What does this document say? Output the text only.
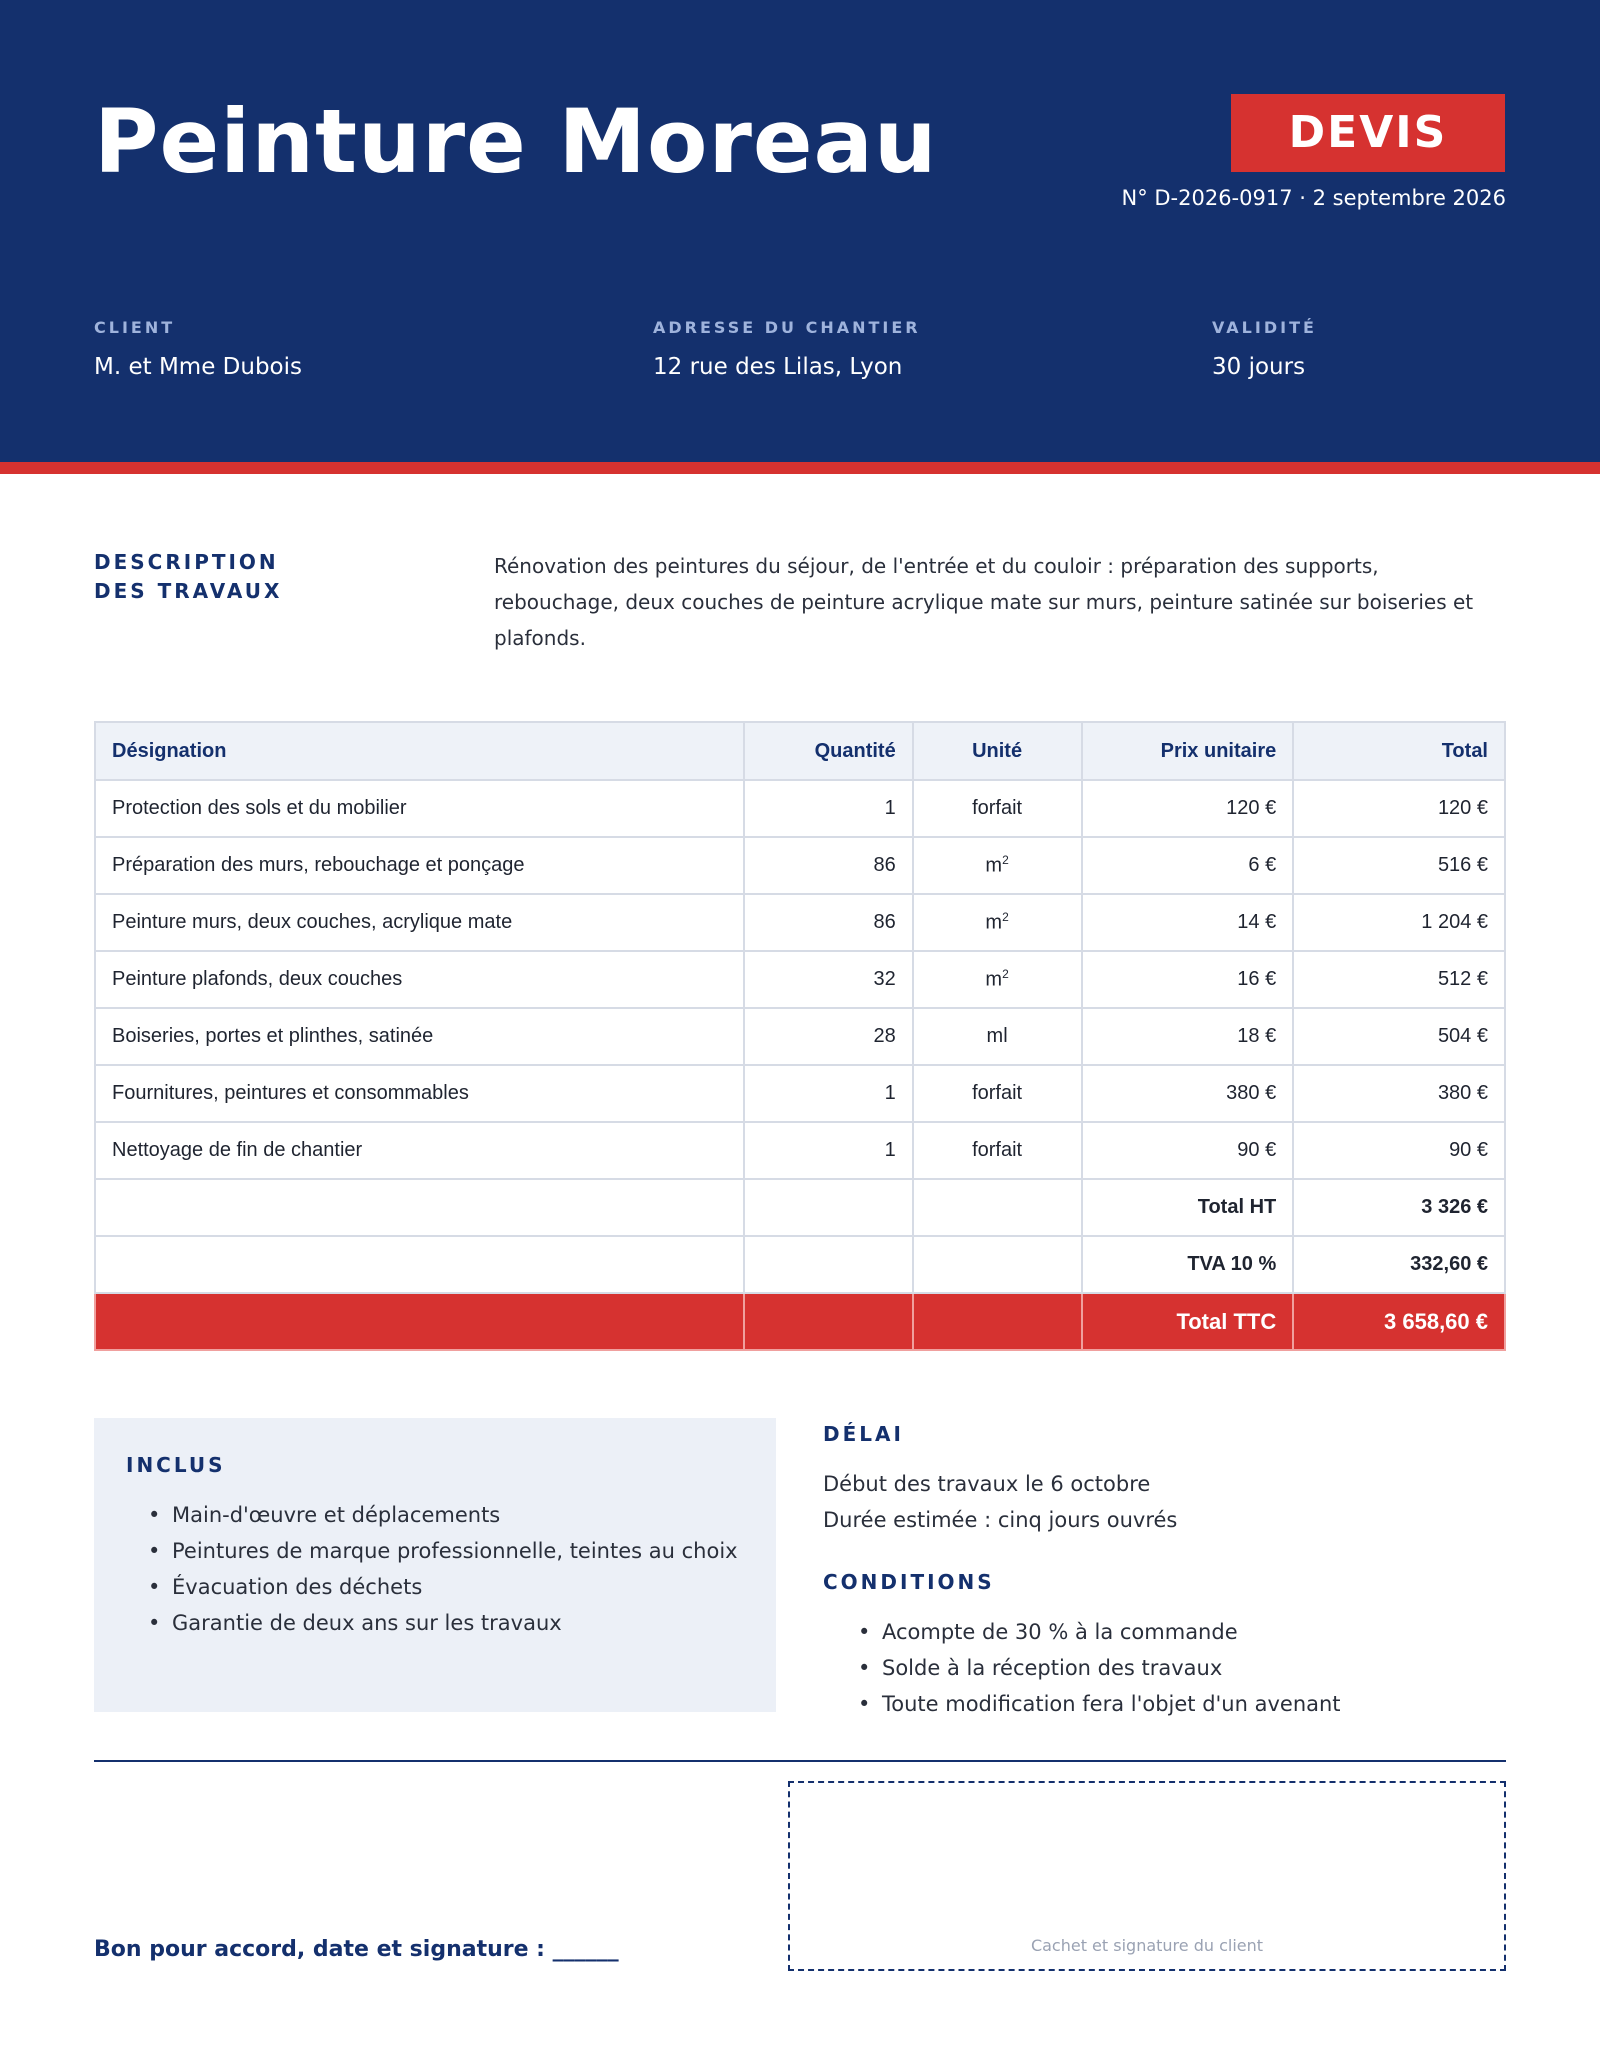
Peinture Moreau	DEVIS
N° D-2026-0917 · 2 septembre 2026
CLIENT
M. et Mme Dubois
ADRESSE DU CHANTIER
12 rue des Lilas, Lyon
VALIDITÉ
30 jours
DESCRIPTION
DES TRAVAUX
Rénovation des peintures du séjour, de l'entrée et du couloir : préparation des supports, rebouchage, deux couches de peinture acrylique mate sur murs, peinture satinée sur boiseries et plafonds.
Désignation	Quantité	Unité	Prix unitaire	Total
Protection des sols et du mobilier	1	forfait	120 €	120 €
Préparation des murs, rebouchage et ponçage	86	$m^2$	6 €	516 €
Peinture murs, deux couches, acrylique mate	86	$m^2$	14 €	1 204 €
Peinture plafonds, deux couches	32	$m^2$	16 €	512 €
Boiseries, portes et plinthes, satinée	28	ml	18 €	504 €
Fournitures, peintures et consommables	1	forfait	380 €	380 €
Nettoyage de fin de chantier	1	forfait	90 €	90 €
			Total HT	3 326 €
			TVA 10 %	332,60 €
			Total TTC	3 658,60 €
INCLUS
• Main-d'œuvre et déplacements
• Peintures de marque professionnelle, teintes au choix
• Évacuation des déchets
• Garantie de deux ans sur les travaux
DÉLAI
Début des travaux le 6 octobre
Durée estimée : cinq jours ouvrés
CONDITIONS
• Acompte de 30 % à la commande
• Solde à la réception des travaux
• Toute modification fera l'objet d'un avenant
Bon pour accord, date et signature : ______	Cachet et signature du client
